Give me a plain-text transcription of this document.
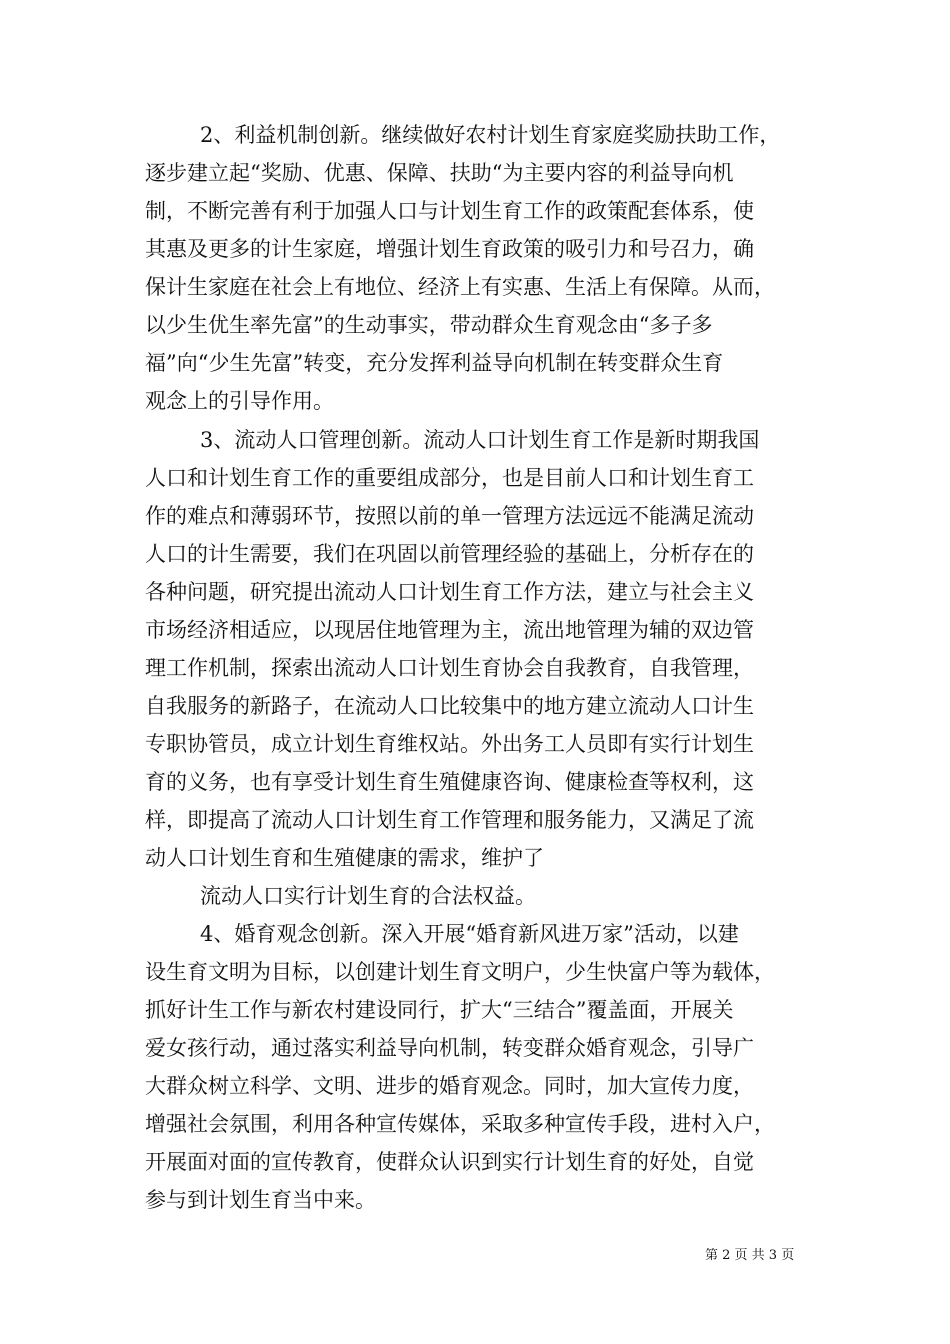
2、利益机制创新。继续做好农村计划生育家庭奖励扶助工作，
逐步建立起“奖励、优惠、保障、扶助“为主要内容的利益导向机
制，不断完善有利于加强人口与计划生育工作的政策配套体系，使
其惠及更多的计生家庭，增强计划生育政策的吸引力和号召力，确
保计生家庭在社会上有地位、经济上有实惠、生活上有保障。从而，
以少生优生率先富”的生动事实，带动群众生育观念由“多子多
福”向“少生先富”转变，充分发挥利益导向机制在转变群众生育
观念上的引导作用。
3、流动人口管理创新。流动人口计划生育工作是新时期我国
人口和计划生育工作的重要组成部分，也是目前人口和计划生育工
作的难点和薄弱环节，按照以前的单一管理方法远远不能满足流动
人口的计生需要，我们在巩固以前管理经验的基础上，分析存在的
各种问题，研究提出流动人口计划生育工作方法，建立与社会主义
市场经济相适应，以现居住地管理为主，流出地管理为辅的双边管
理工作机制，探索出流动人口计划生育协会自我教育，自我管理，
自我服务的新路子，在流动人口比较集中的地方建立流动人口计生
专职协管员，成立计划生育维权站。外出务工人员即有实行计划生
育的义务，也有享受计划生育生殖健康咨询、健康检查等权利，这
样，即提高了流动人口计划生育工作管理和服务能力，又满足了流
动人口计划生育和生殖健康的需求，维护了
流动人口实行计划生育的合法权益。
4、婚育观念创新。深入开展“婚育新风进万家”活动，以建
设生育文明为目标，以创建计划生育文明户，少生快富户等为载体，
抓好计生工作与新农村建设同行，扩大“三结合”覆盖面，开展关
爱女孩行动，通过落实利益导向机制，转变群众婚育观念，引导广
大群众树立科学、文明、进步的婚育观念。同时，加大宣传力度，
增强社会氛围，利用各种宣传媒体，采取多种宣传手段，进村入户，
开展面对面的宣传教育，使群众认识到实行计划生育的好处，自觉
参与到计划生育当中来。
第 2 页 共 3 页
